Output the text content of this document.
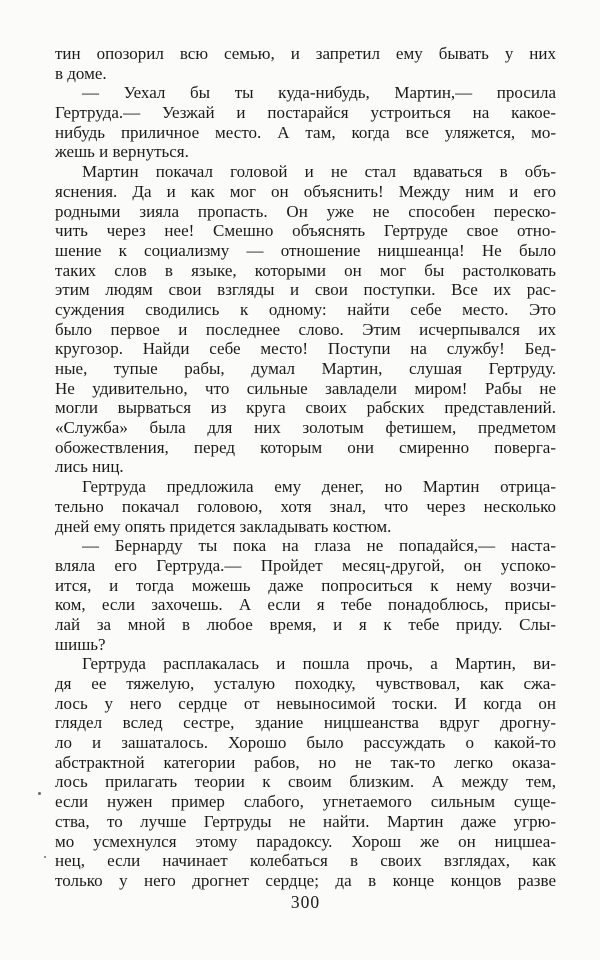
тин опозорил всю семью, и запретил ему бывать у них
в доме.
— Уехал бы ты куда-нибудь, Мартин,— просила
Гертруда.— Уезжай и постарайся устроиться на какое-
нибудь приличное место. А там, когда все уляжется, мо-
жешь и вернуться.
Мартин покачал головой и не стал вдаваться в объ-
яснения. Да и как мог он объяснить! Между ним и его
родными зияла пропасть. Он уже не способен переско-
чить через нее! Смешно объяснять Гертруде свое отно-
шение к социализму — отношение ницшеанца! Не было
таких слов в языке, которыми он мог бы растолковать
этим людям свои взгляды и свои поступки. Все их рас-
суждения сводились к одному: найти себе место. Это
было первое и последнее слово. Этим исчерпывался их
кругозор. Найди себе место! Поступи на службу! Бед-
ные, тупые рабы, думал Мартин, слушая Гертруду.
Не удивительно, что сильные завладели миром! Рабы не
могли вырваться из круга своих рабских представлений.
«Служба» была для них золотым фетишем, предметом
обожествления, перед которым они смиренно поверга-
лись ниц.
Гертруда предложила ему денег, но Мартин отрица-
тельно покачал головою, хотя знал, что через несколько
дней ему опять придется закладывать костюм.
— Бернарду ты пока на глаза не попадайся,— наста-
вляла его Гертруда.— Пройдет месяц-другой, он успоко-
ится, и тогда можешь даже попроситься к нему возчи-
ком, если захочешь. А если я тебе понадоблюсь, присы-
лай за мной в любое время, и я к тебе приду. Слы-
шишь?
Гертруда расплакалась и пошла прочь, а Мартин, ви-
дя ее тяжелую, усталую походку, чувствовал, как сжа-
лось у него сердце от невыносимой тоски. И когда он
глядел вслед сестре, здание ницшеанства вдруг дрогну-
ло и зашаталось. Хорошо было рассуждать о какой-то
абстрактной категории рабов, но не так-то легко оказа-
лось прилагать теории к своим близким. А между тем,
если нужен пример слабого, угнетаемого сильным суще-
ства, то лучше Гертруды не найти. Мартин даже угрю-
мо усмехнулся этому парадоксу. Хорош же он ницшеа-
нец, если начинает колебаться в своих взглядах, как
только у него дрогнет сердце; да в конце концов разве
300
